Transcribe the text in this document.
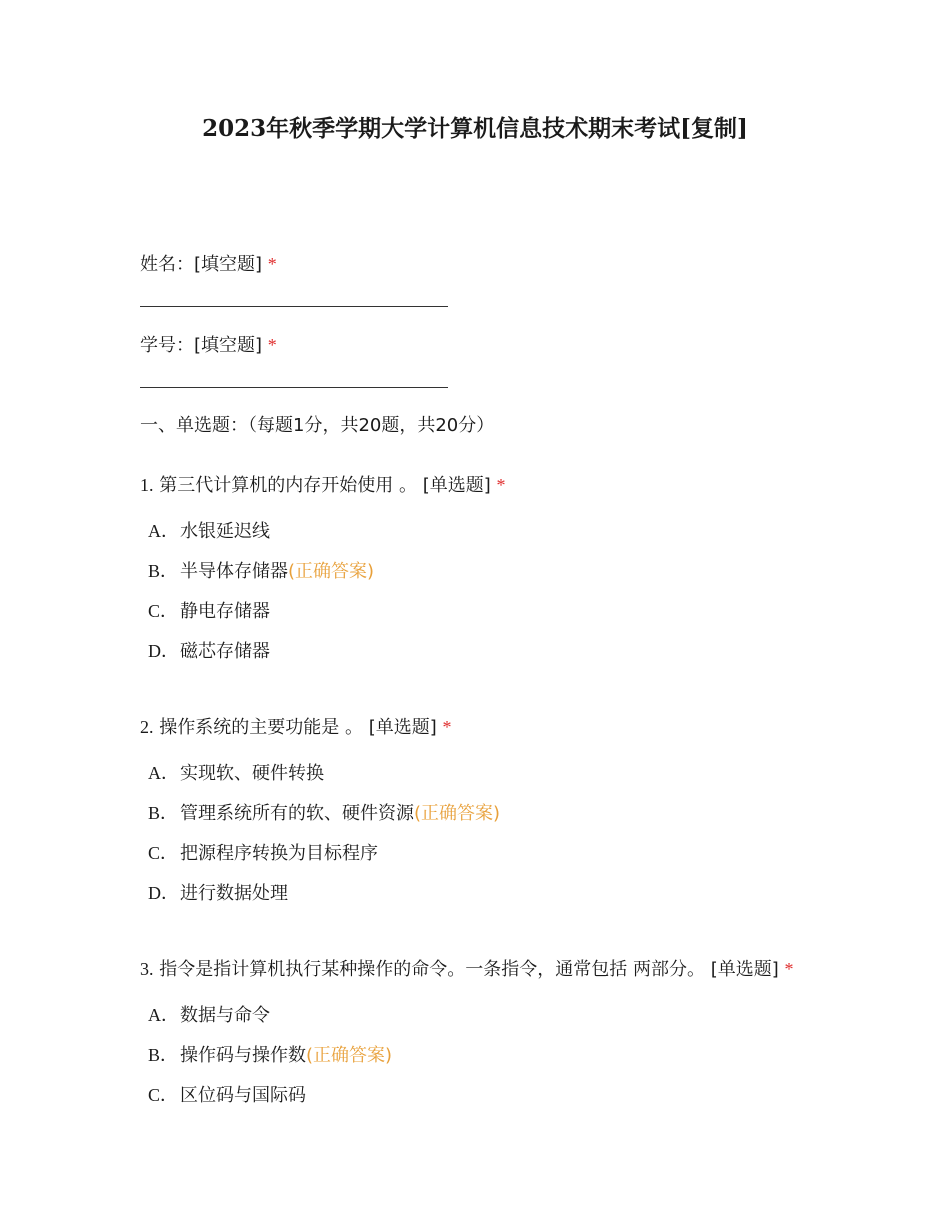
2023年秋季学期大学计算机信息技术期末考试[复制]
姓名：[填空题] *
学号：[填空题] *
一、单选题：（每题1分，共20题，共20分）
1. 第三代计算机的内存开始使用 。 [单选题] *
A．水银延迟线
B． 半导体存储器(正确答案)
C． 静电存储器
D．磁芯存储器
2. 操作系统的主要功能是 。 [单选题] *
A．实现软、硬件转换
B． 管理系统所有的软、硬件资源(正确答案)
C． 把源程序转换为目标程序
D．进行数据处理
3. 指令是指计算机执行某种操作的命令。一条指令，通常包括 两部分。 [单选题] *
A．数据与命令
B． 操作码与操作数(正确答案)
C． 区位码与国际码
